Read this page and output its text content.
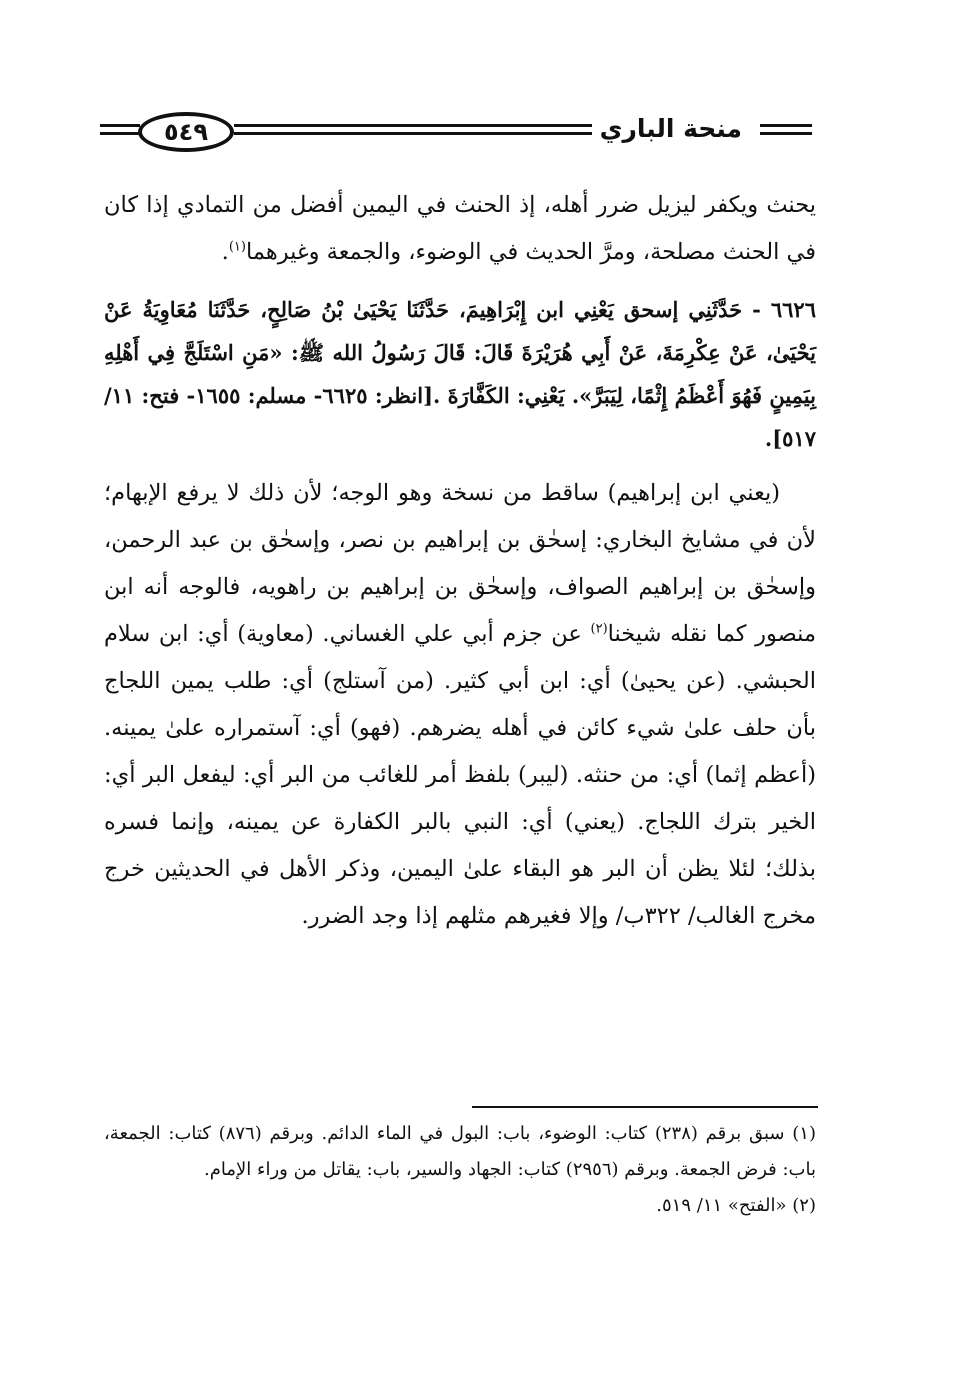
منحة الباري
٥٤٩

يحنث ويكفر ليزيل ضرر أهله، إذ الحنث في اليمين أفضل من التمادي إذا كان في الحنث مصلحة، ومرَّ الحديث في الوضوء، والجمعة وغيرهما$^{(١)}$.

٦٦٢٦ - حَدَّثَنِي إسحق يَعْنِي ابن إِبْرَاهِيمَ، حَدَّثَنَا يَحْيَىٰ بْنُ صَالِحٍ، حَدَّثَنَا مُعَاوِيَةُ عَنْ يَحْيَىٰ، عَنْ عِكْرِمَةَ، عَنْ أَبِي هُرَيْرَةَ قَالَ: قَالَ رَسُولُ الله ﷺ: «مَنِ اسْتَلَجَّ فِي أَهْلِهِ بِيَمِينٍ فَهُوَ أَعْظَمُ إِثْمًا، لِيَبَرَّ». يَعْنِي: الكَفَّارَةَ .[انظر: ٦٦٢٥- مسلم: ١٦٥٥- فتح: ١١/ ٥١٧].

(يعني ابن إبراهيم) ساقط من نسخة وهو الوجه؛ لأن ذلك لا يرفع الإبهام؛ لأن في مشايخ البخاري: إسحٰق بن إبراهيم بن نصر، وإسحٰق بن عبد الرحمن، وإسحٰق بن إبراهيم الصواف، وإسحٰق بن إبراهيم بن راهويه، فالوجه أنه ابن منصور كما نقله شيخنا$^{(٢)}$ عن جزم أبي علي الغساني. (معاوية) أي: ابن سلام الحبشي. (عن يحيىٰ) أي: ابن أبي كثير. (من آستلج) أي: طلب يمين اللجاج بأن حلف علىٰ شيء كائن في أهله يضرهم. (فهو) أي: آستمراره علىٰ يمينه. (أعظم إثما) أي: من حنثه. (ليبر) بلفظ أمر للغائب من البر أي: ليفعل البر أي: الخير بترك اللجاج. (يعني) أي: النبي بالبر الكفارة عن يمينه، وإنما فسره بذلك؛ لئلا يظن أن البر هو البقاء علىٰ اليمين، وذكر الأهل في الحديثين خرج مخرج الغالب/ ٣٢٢ب/ وإلا فغيرهم مثلهم إذا وجد الضرر.

(١) سبق برقم (٢٣٨) كتاب: الوضوء، باب: البول في الماء الدائم. وبرقم (٨٧٦) كتاب: الجمعة، باب: فرض الجمعة. وبرقم (٢٩٥٦) كتاب: الجهاد والسير، باب: يقاتل من وراء الإمام.

(٢) «الفتح» ١١/ ٥١٩.
